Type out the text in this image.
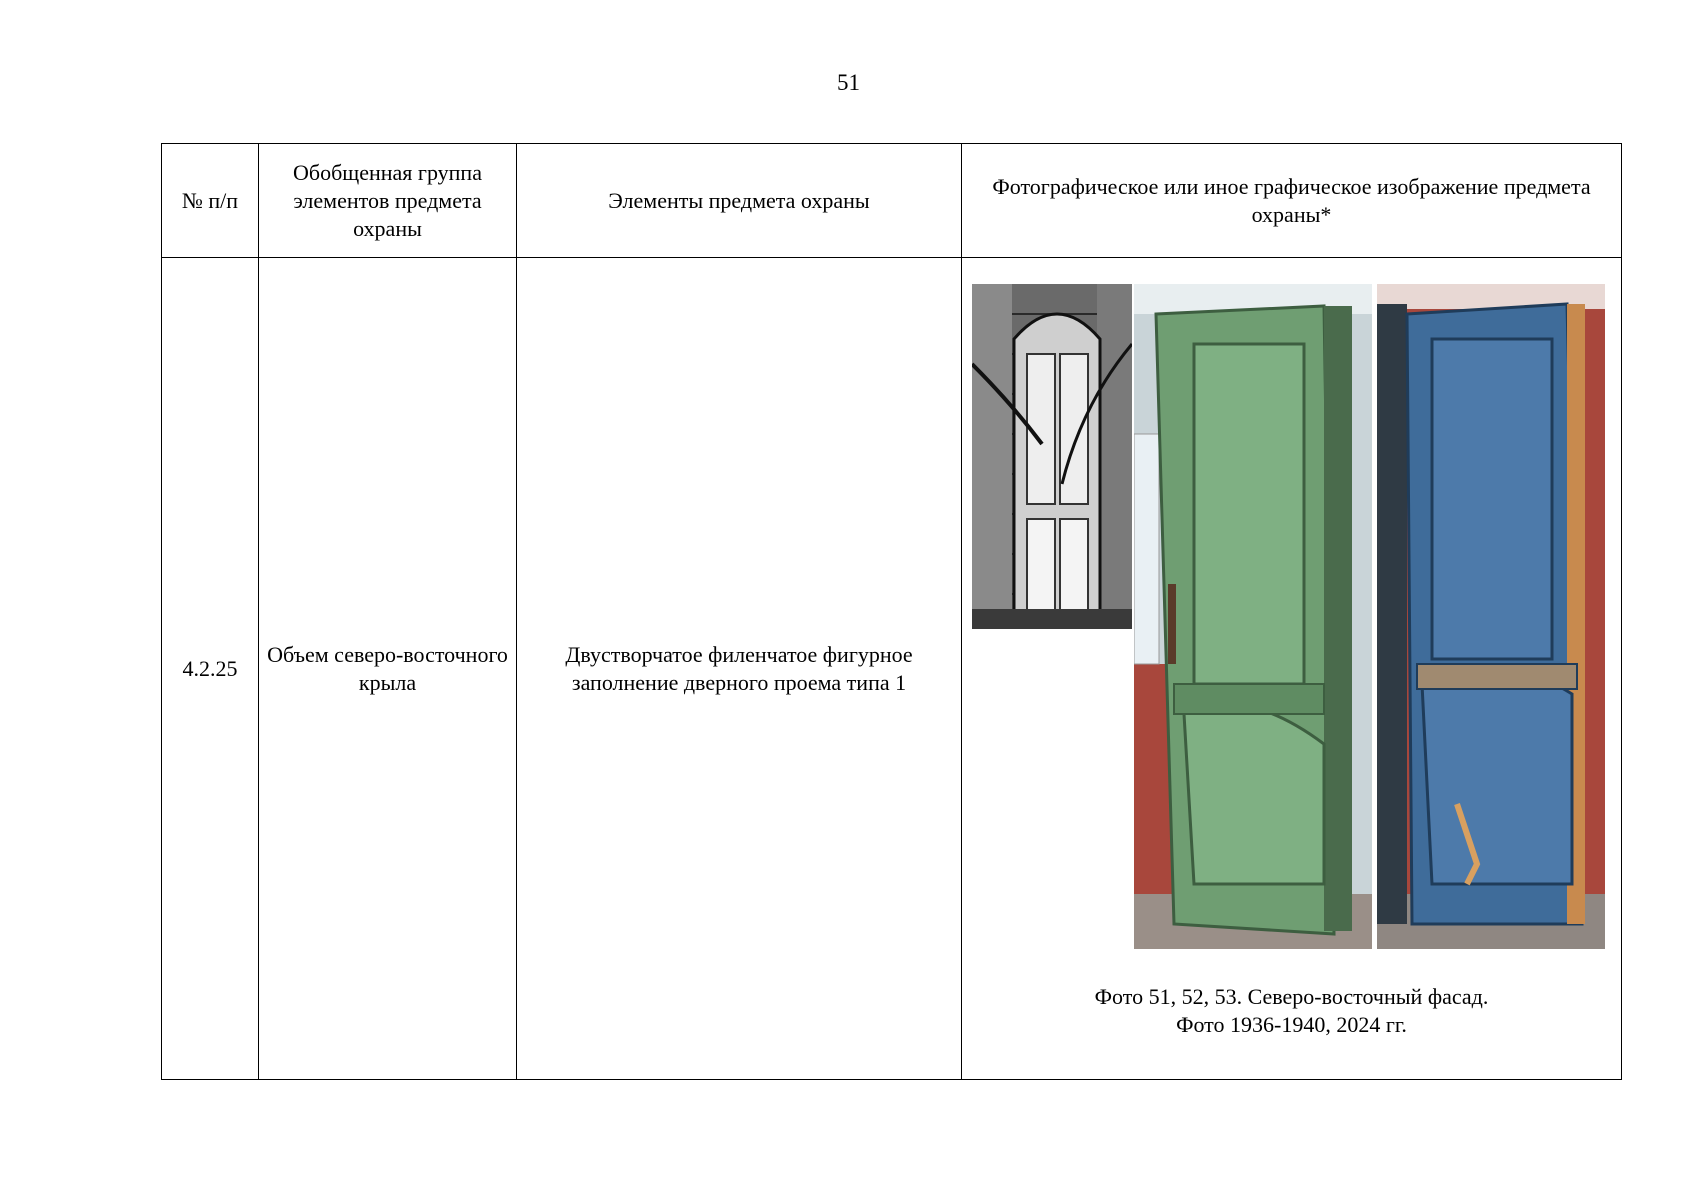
51
№ п/п	Обобщенная группа элементов предмета охраны	Элементы предмета охраны	Фотографическое или иное графическое изображение предмета охраны*
4.2.25	Объем северо-восточного крыла	Двустворчатое филенчатое фигурное заполнение дверного проема типа 1	Фото 51, 52, 53. Северо-восточный фасад.
Фото 1936-1940, 2024 гг.
